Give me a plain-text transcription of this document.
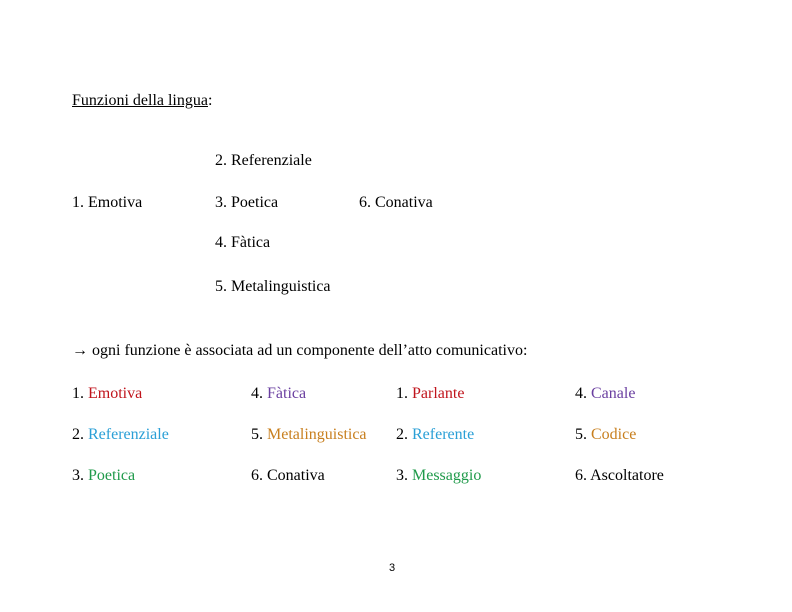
Funzioni della lingua:
2. Referenziale
1. Emotiva	3. Poetica	6. Conativa
4. Fàtica
5. Metalinguistica
→ ogni funzione è associata ad un componente dell’atto comunicativo:
1. Emotiva
2. Referenziale
3. Poetica
4. Fàtica
5. Metalinguistica
6. Conativa
1. Parlante
2. Referente
3. Messaggio
4. Canale
5. Codice
6. Ascoltatore
3
